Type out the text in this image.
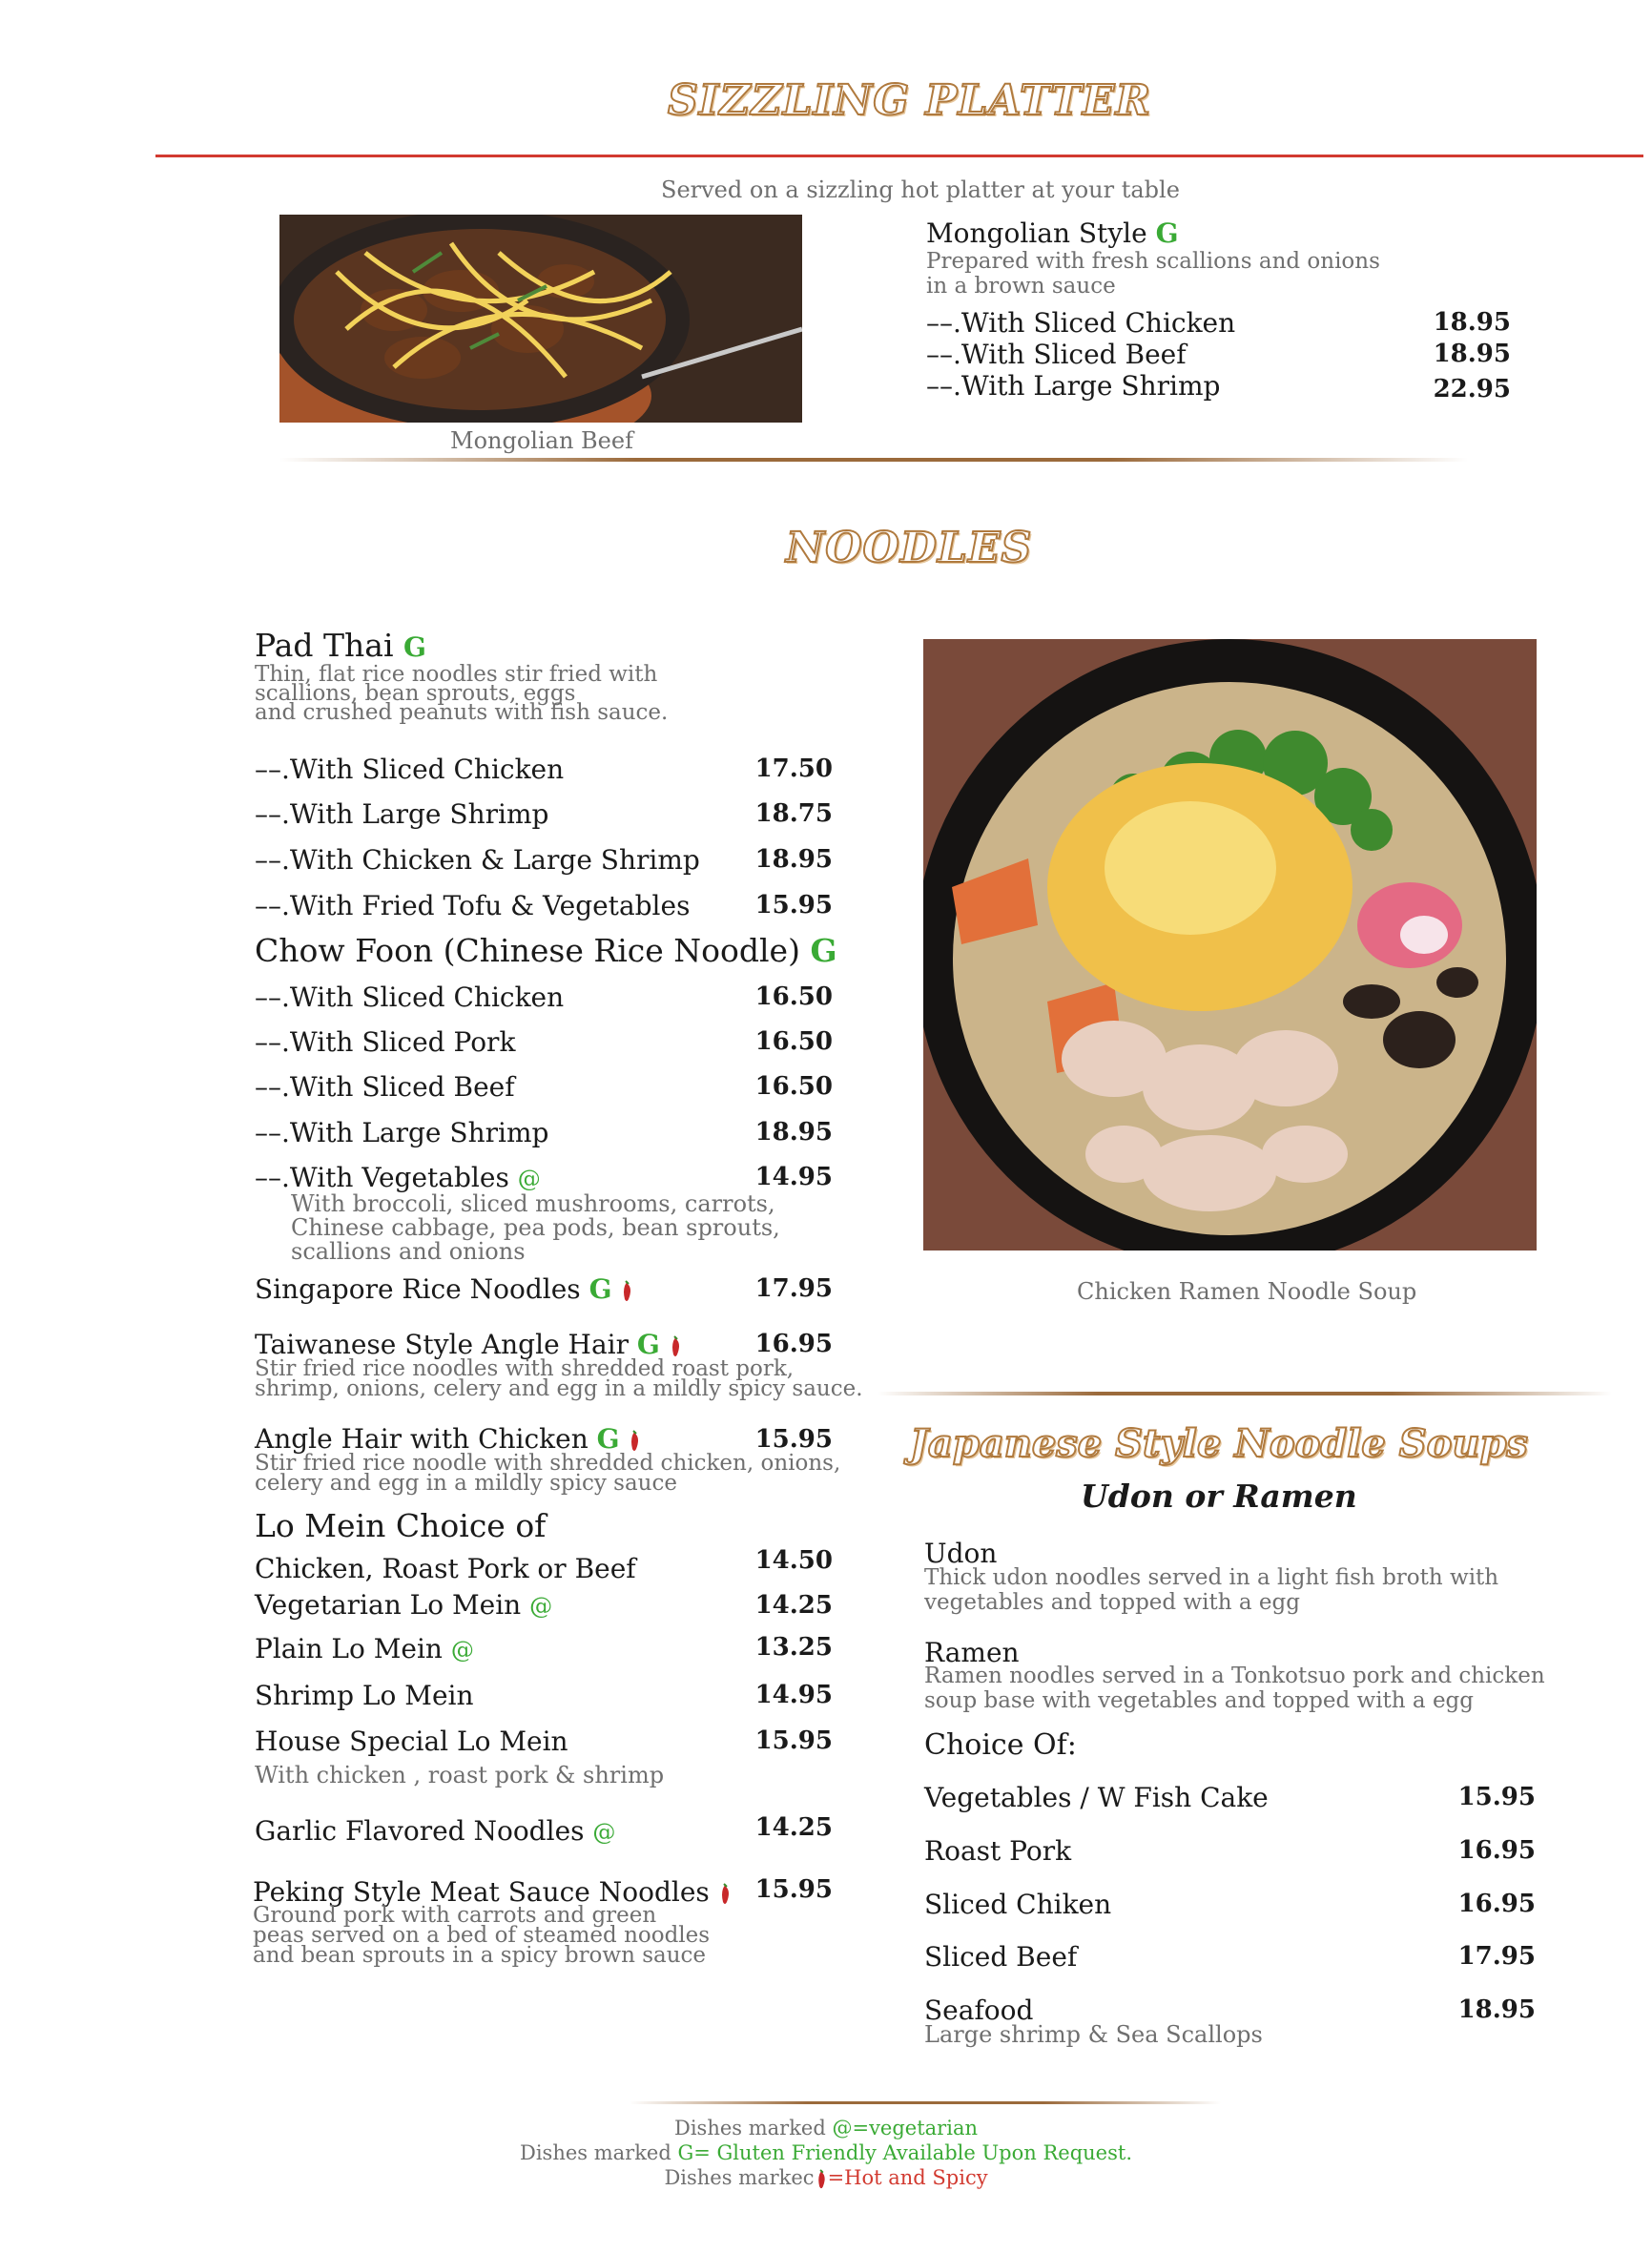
SIZZLING PLATTER
Served on a sizzling hot platter at your table
Mongolian Beef
Mongolian Style G
Prepared with fresh scallions and onions
in a brown sauce
––.With Sliced Chicken	18.95
––.With Sliced Beef	18.95
––.With Large Shrimp	22.95
NOODLES
Pad Thai G
Thin, flat rice noodles stir fried with
scallions, bean sprouts, eggs
and crushed peanuts with fish sauce.
––.With Sliced Chicken	17.50
––.With Large Shrimp	18.75
––.With Chicken & Large Shrimp	18.95
––.With Fried Tofu & Vegetables	15.95
Chow Foon (Chinese Rice Noodle) G
––.With Sliced Chicken	16.50
––.With Sliced Pork	16.50
––.With Sliced Beef	16.50
––.With Large Shrimp	18.95
––.With Vegetables @	14.95
With broccoli, sliced mushrooms, carrots,
Chinese cabbage, pea pods, bean sprouts,
scallions and onions
Singapore Rice Noodles G	17.95
Taiwanese Style Angle Hair G	16.95
Stir fried rice noodles with shredded roast pork,
shrimp, onions, celery and egg in a mildly spicy sauce.
Angle Hair with Chicken G	15.95
Stir fried rice noodle with shredded chicken, onions,
celery and egg in a mildly spicy sauce
Lo Mein Choice of
Chicken, Roast Pork or Beef	14.50
Vegetarian Lo Mein @	14.25
Plain Lo Mein @	13.25
Shrimp Lo Mein	14.95
House Special Lo Mein	15.95
With chicken , roast pork & shrimp
Garlic Flavored Noodles @	14.25
Peking Style Meat Sauce Noodles	15.95
Ground pork with carrots and green
peas served on a bed of steamed noodles
and bean sprouts in a spicy brown sauce
Chicken Ramen Noodle Soup
Japanese Style Noodle Soups
Udon or Ramen
Udon
Thick udon noodles served in a light fish broth with
vegetables and topped with a egg
Ramen
Ramen noodles served in a Tonkotsuo pork and chicken
soup base with vegetables and topped with a egg
Choice Of:
Vegetables / W Fish Cake	15.95
Roast Pork	16.95
Sliced Chiken	16.95
Sliced Beef	17.95
Seafood	18.95
Large shrimp & Sea Scallops
Dishes marked @=vegetarian
Dishes marked G= Gluten Friendly Available Upon Request.
Dishes markec =Hot and Spicy
